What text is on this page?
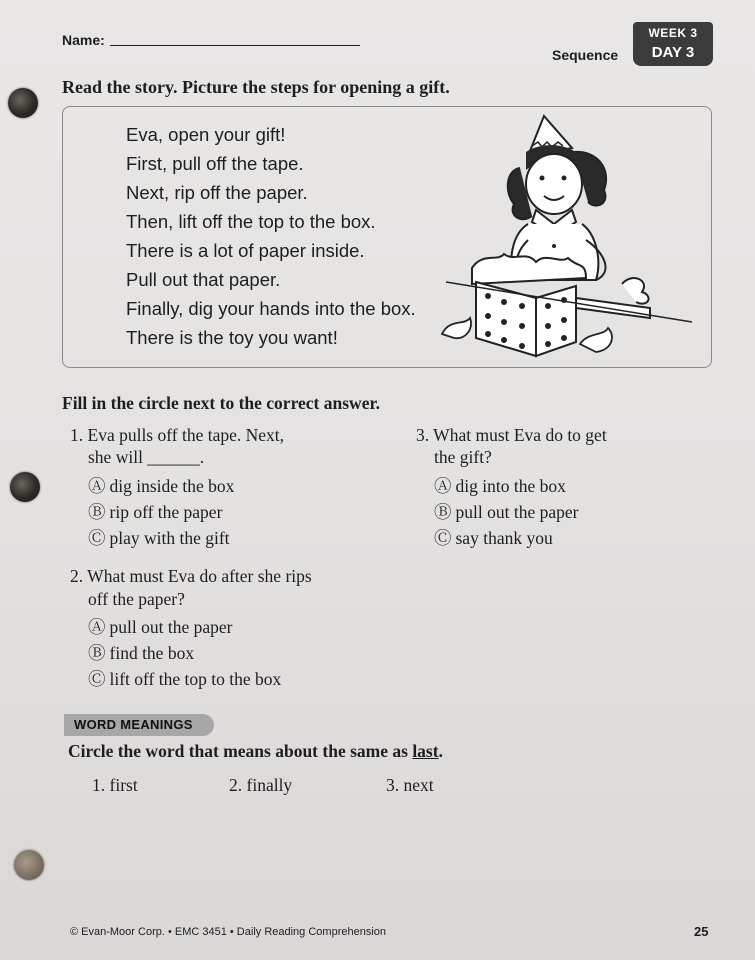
Name:
Sequence
WEEK 3
DAY 3
Read the story. Picture the steps for opening a gift.
Eva, open your gift!
First, pull off the tape.
Next, rip off the paper.
Then, lift off the top to the box.
There is a lot of paper inside.
Pull out that paper.
Finally, dig your hands into the box.
There is the toy you want!
Fill in the circle next to the correct answer.
1. Eva pulls off the tape. Next,
she will ______.
Ⓐ dig inside the box
Ⓑ rip off the paper
Ⓒ play with the gift
2. What must Eva do after she rips
off the paper?
Ⓐ pull out the paper
Ⓑ find the box
Ⓒ lift off the top to the box
3. What must Eva do to get
the gift?
Ⓐ dig into the box
Ⓑ pull out the paper
Ⓒ say thank you
WORD MEANINGS
Circle the word that means about the same as last.
1. first	2. finally	3. next
© Evan-Moor Corp. • EMC 3451 • Daily Reading Comprehension	25
